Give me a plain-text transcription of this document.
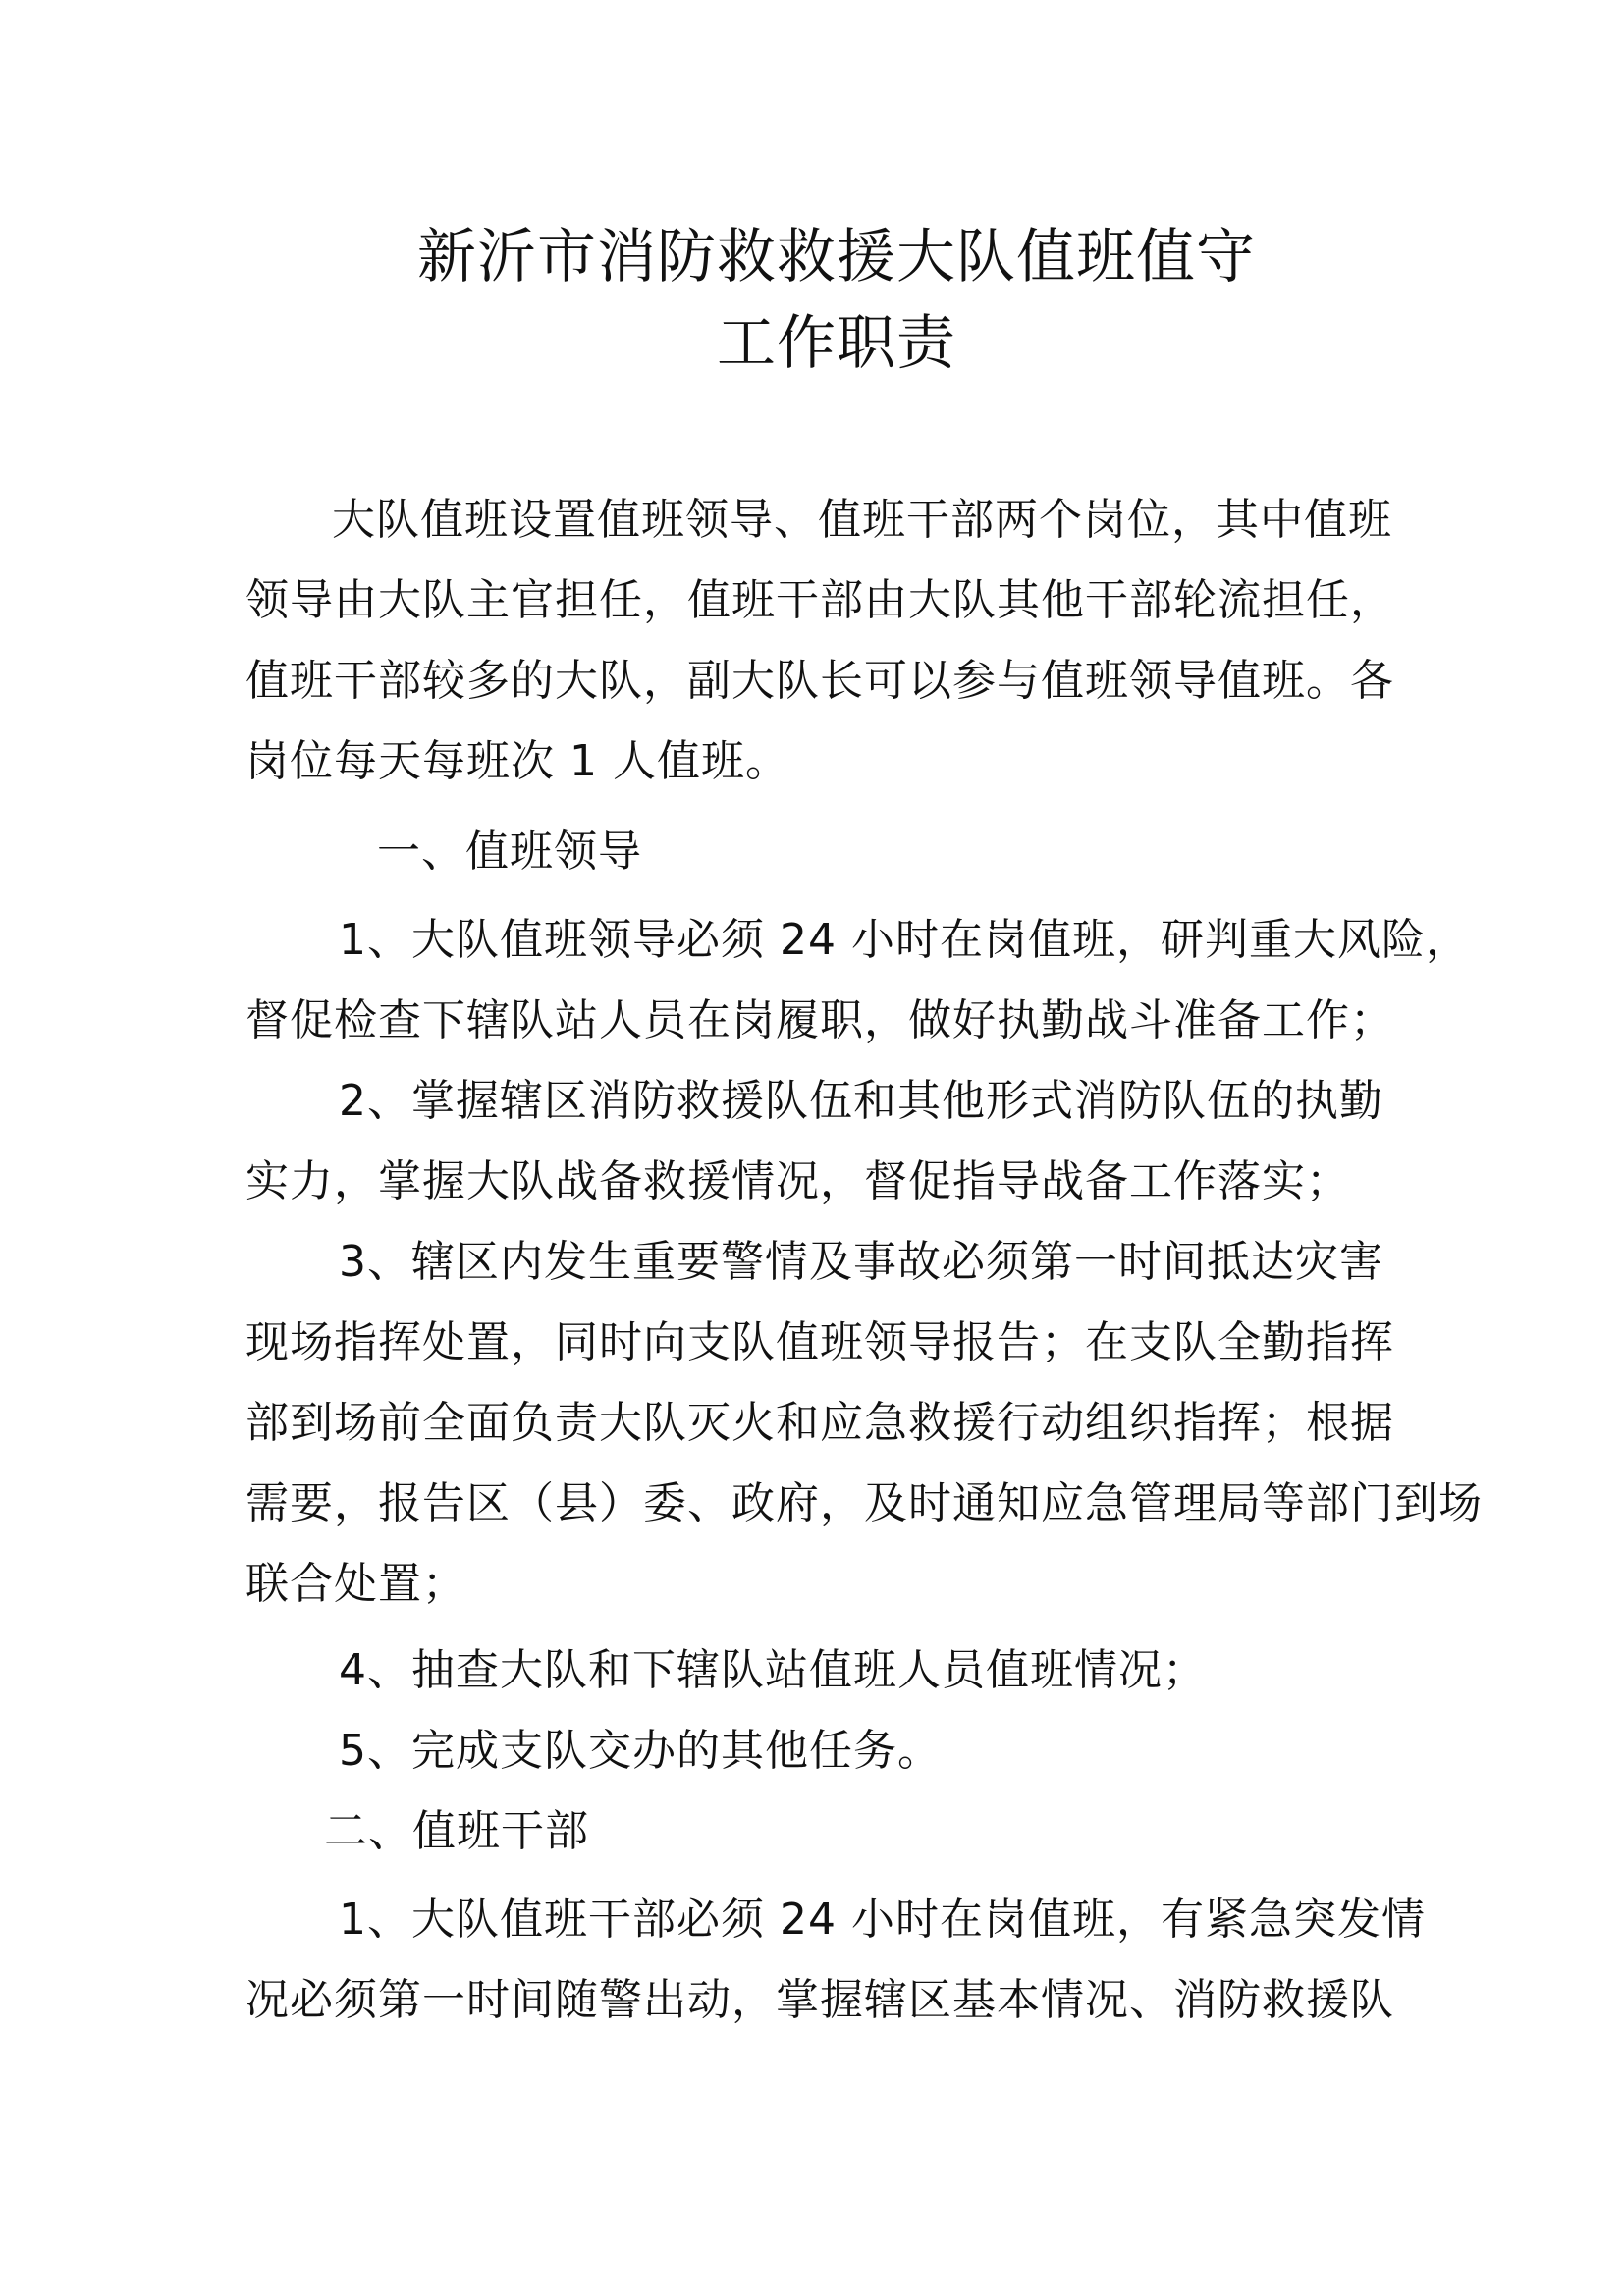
新沂市消防救救援大队值班值守
工作职责
大队值班设置值班领导、值班干部两个岗位，其中值班
领导由大队主官担任，值班干部由大队其他干部轮流担任，
值班干部较多的大队，副大队长可以参与值班领导值班。各
岗位每天每班次 1 人值班。
一、值班领导
1、大队值班领导必须 24 小时在岗值班，研判重大风险，
督促检查下辖队站人员在岗履职，做好执勤战斗准备工作；
2、掌握辖区消防救援队伍和其他形式消防队伍的执勤
实力，掌握大队战备救援情况，督促指导战备工作落实；
3、辖区内发生重要警情及事故必须第一时间抵达灾害
现场指挥处置，同时向支队值班领导报告；在支队全勤指挥
部到场前全面负责大队灭火和应急救援行动组织指挥；根据
需要，报告区（县）委、政府，及时通知应急管理局等部门到场
联合处置；
4、抽查大队和下辖队站值班人员值班情况；
5、完成支队交办的其他任务。
二、值班干部
1、大队值班干部必须 24 小时在岗值班，有紧急突发情
况必须第一时间随警出动，掌握辖区基本情况、消防救援队
